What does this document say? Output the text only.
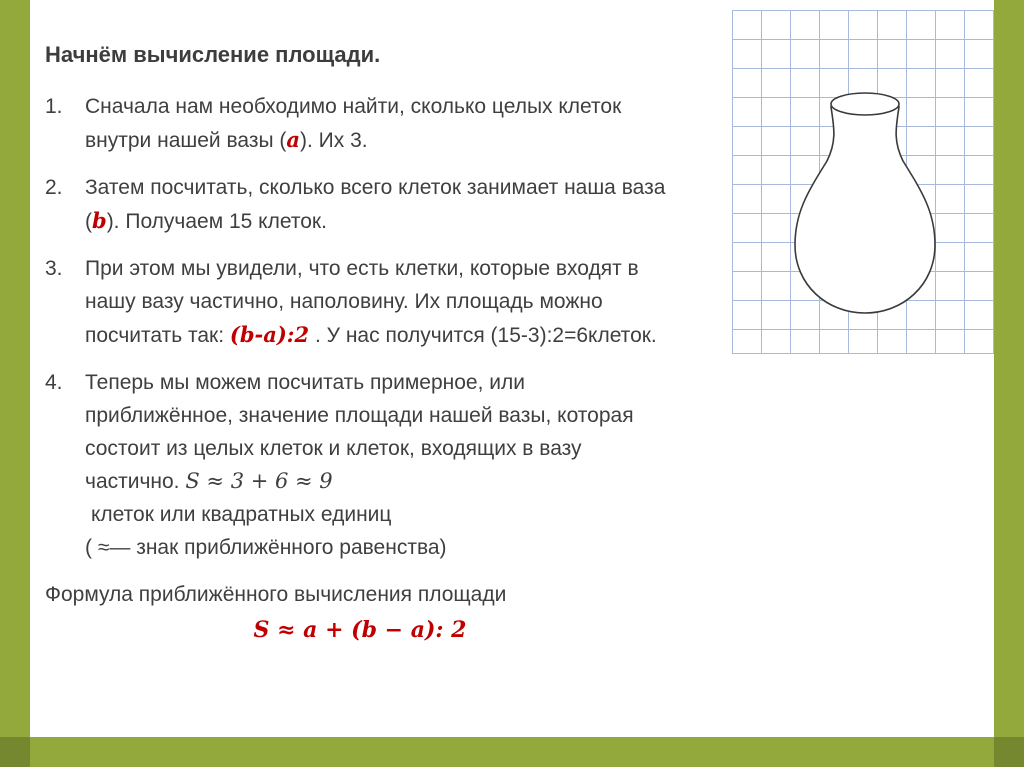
Начнём вычисление площади.
1.	Сначала нам необходимо найти, сколько целых клеток внутри нашей вазы (a). Их 3.
2.	Затем посчитать, сколько всего клеток занимает наша ваза (b). Получаем 15 клеток.
3.	При этом мы увидели, что есть клетки, которые входят в нашу вазу частично, наполовину. Их площадь можно посчитать так: (b-a):2 . У нас получится (15-3):2=6клеток.
4.	Теперь мы можем посчитать примерное, или приближённое, значение площади нашей вазы, которая состоит из целых клеток и клеток, входящих в вазу частично. S ≈ 3 + 6 ≈ 9
клеток или квадратных единиц
( ≈— знак приближённого равенства)

Формула приближённого вычисления площади

S ≈ a + (b − a): 2
